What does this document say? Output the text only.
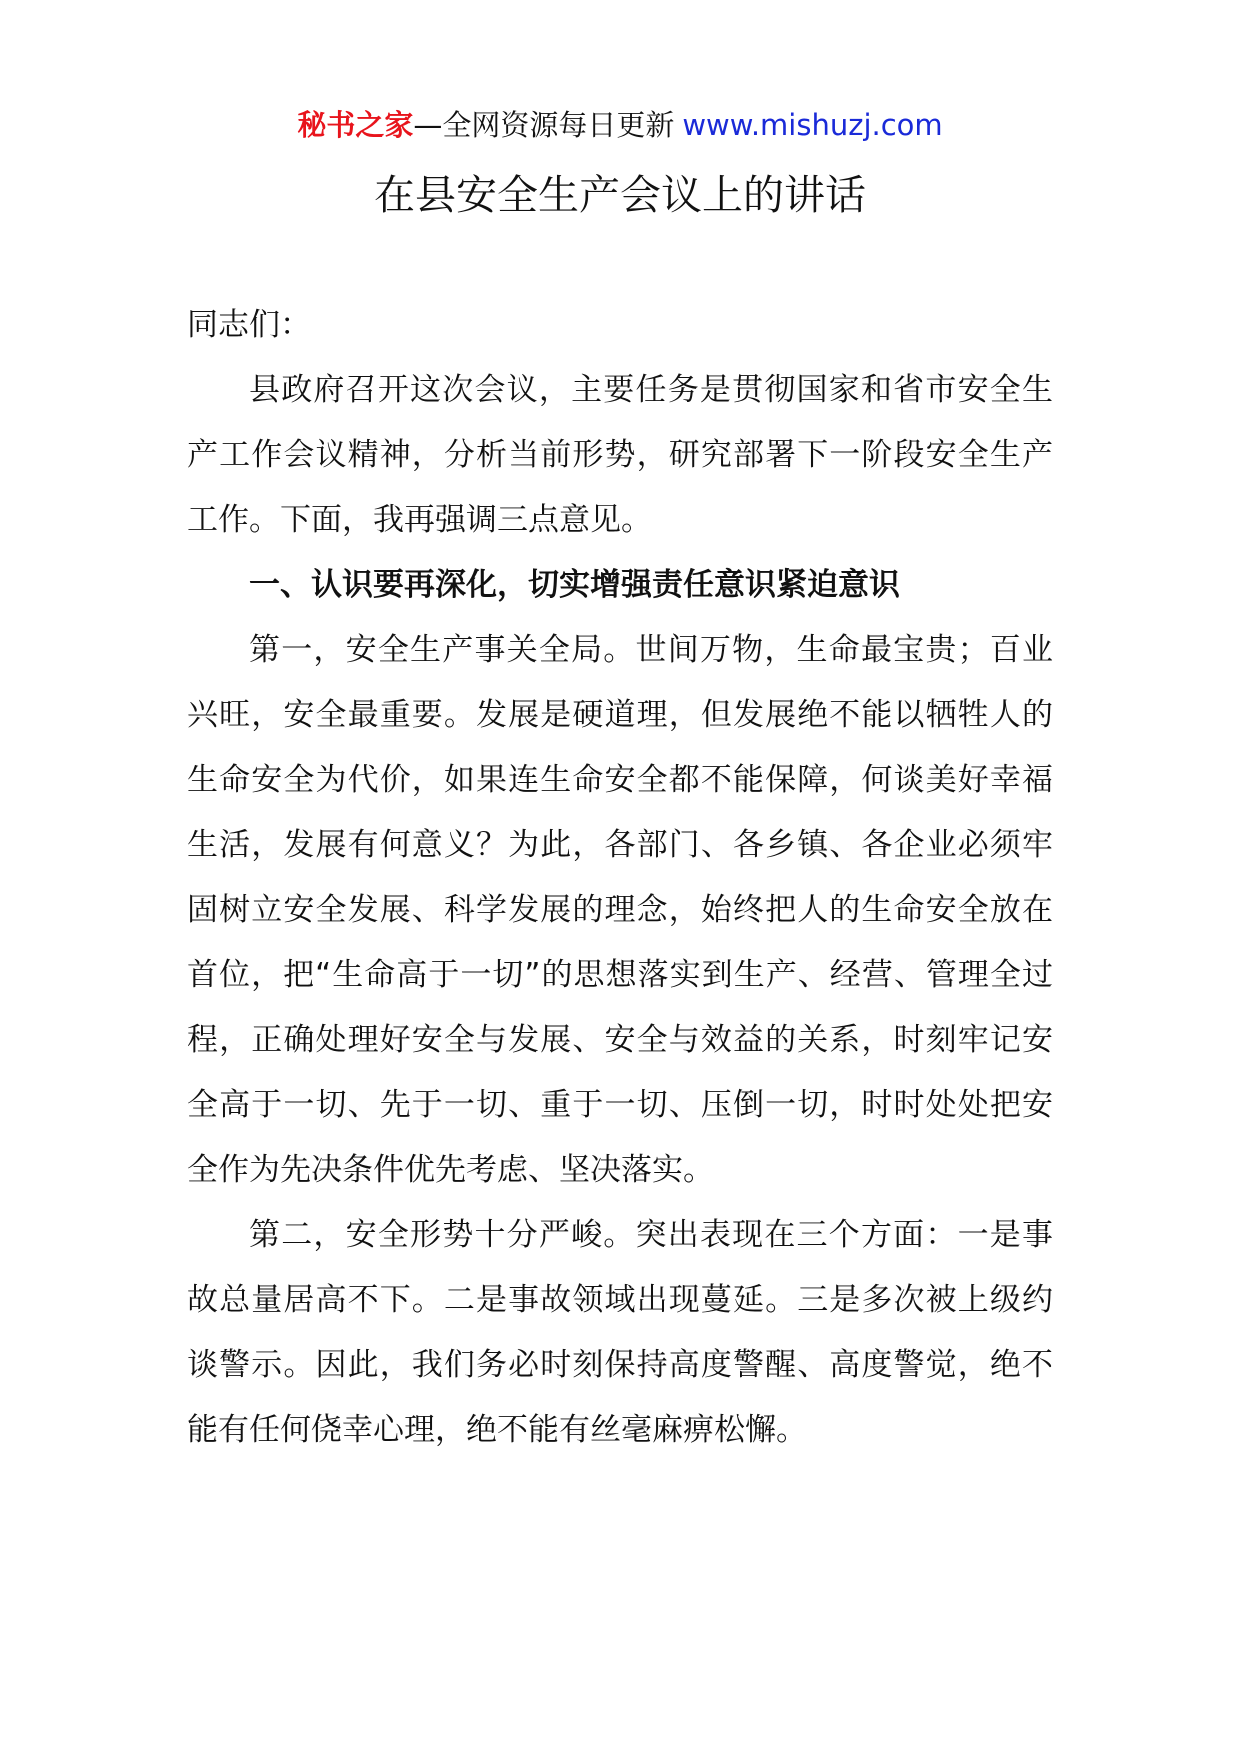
秘书之家—全网资源每日更新 www.mishuzj.com
在县安全生产会议上的讲话

同志们：

县政府召开这次会议，主要任务是贯彻国家和省市安全生产工作会议精神，分析当前形势，研究部署下一阶段安全生产工作。下面，我再强调三点意见。

一、认识要再深化，切实增强责任意识紧迫意识

第一，安全生产事关全局。世间万物，生命最宝贵；百业兴旺，安全最重要。发展是硬道理，但发展绝不能以牺牲人的生命安全为代价，如果连生命安全都不能保障，何谈美好幸福生活，发展有何意义？为此，各部门、各乡镇、各企业必须牢固树立安全发展、科学发展的理念，始终把人的生命安全放在首位，把“生命高于一切”的思想落实到生产、经营、管理全过程，正确处理好安全与发展、安全与效益的关系，时刻牢记安全高于一切、先于一切、重于一切、压倒一切，时时处处把安全作为先决条件优先考虑、坚决落实。

第二，安全形势十分严峻。突出表现在三个方面：一是事故总量居高不下。二是事故领域出现蔓延。三是多次被上级约谈警示。因此，我们务必时刻保持高度警醒、高度警觉，绝不能有任何侥幸心理，绝不能有丝毫麻痹松懈。
